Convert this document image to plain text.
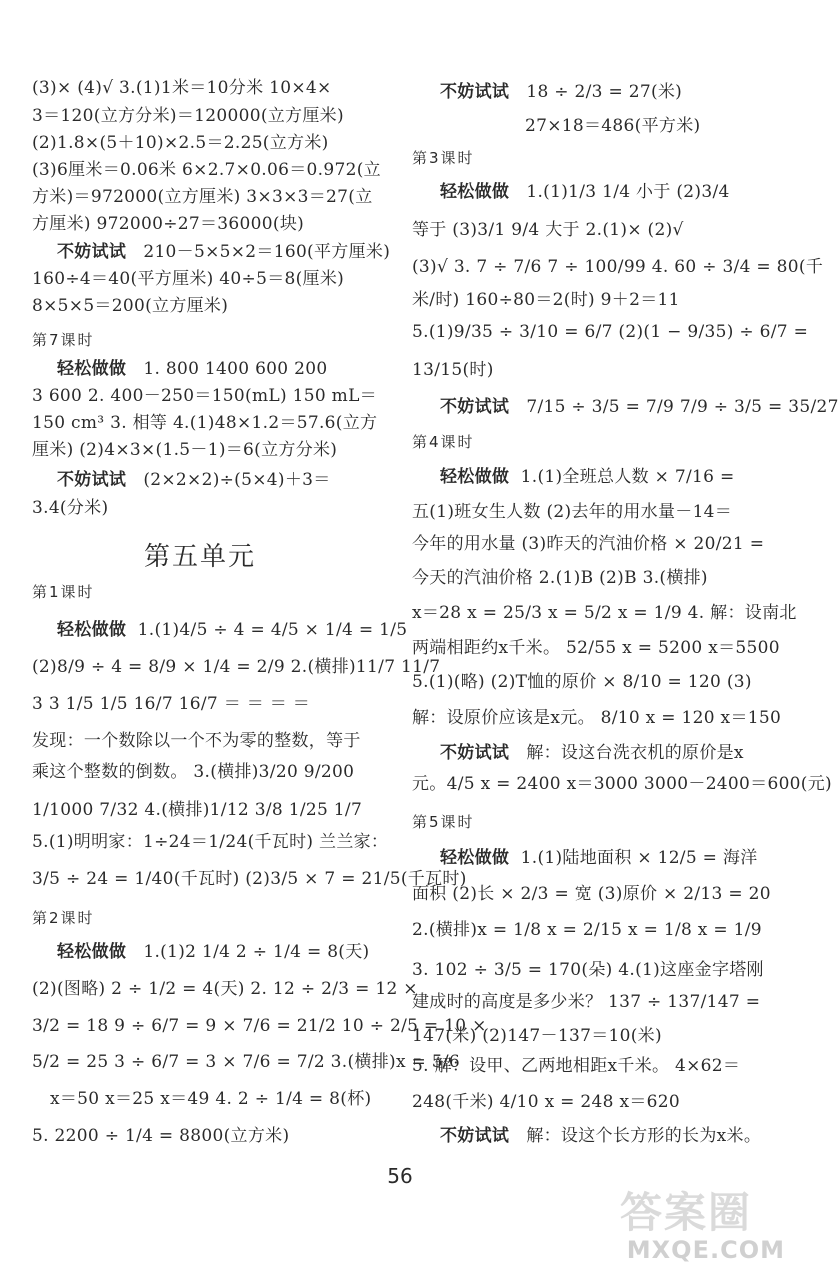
(3)× (4)√ 3.(1)1米＝10分米 10×4×
3＝120(立方分米)＝120000(立方厘米)
(2)1.8×(5＋10)×2.5＝2.25(立方米)
(3)6厘米＝0.06米 6×2.7×0.06＝0.972(立
方米)＝972000(立方厘米) 3×3×3＝27(立
方厘米) 972000÷27＝36000(块)
不妨试试 210－5×5×2＝160(平方厘米)
160÷4＝40(平方厘米) 40÷5＝8(厘米)
8×5×5＝200(立方厘米)
第7课时
轻松做做 1. 800 1400 600 200
3 600 2. 400－250＝150(mL) 150 mL＝
150 cm³ 3. 相等 4.(1)48×1.2＝57.6(立方
厘米) (2)4×3×(1.5－1)＝6(立方分米)
不妨试试 (2×2×2)÷(5×4)＋3＝
3.4(分米)
第五单元
第1课时
轻松做做 1.(1)4/5 ÷ 4 = 4/5 × 1/4 = 1/5
(2)8/9 ÷ 4 = 8/9 × 1/4 = 2/9 2.(横排)11/7 11/7
3 3 1/5 1/5 16/7 16/7 ＝ ＝ ＝ ＝
发现：一个数除以一个不为零的整数，等于
乘这个整数的倒数。 3.(横排)3/20 9/200
1/1000 7/32 4.(横排)1/12 3/8 1/25 1/7
5.(1)明明家：1÷24＝1/24(千瓦时) 兰兰家：
3/5 ÷ 24 = 1/40(千瓦时) (2)3/5 × 7 = 21/5(千瓦时)
第2课时
轻松做做 1.(1)2 1/4 2 ÷ 1/4 = 8(天)
(2)(图略) 2 ÷ 1/2 = 4(天) 2. 12 ÷ 2/3 = 12 ×
3/2 = 18 9 ÷ 6/7 = 9 × 7/6 = 21/2 10 ÷ 2/5 = 10 ×
5/2 = 25 3 ÷ 6/7 = 3 × 7/6 = 7/2 3.(横排)x = 5/6
x＝50 x＝25 x＝49 4. 2 ÷ 1/4 = 8(杯)
5. 2200 ÷ 1/4 = 8800(立方米)
不妨试试 18 ÷ 2/3 = 27(米)
27×18＝486(平方米)
第3课时
轻松做做 1.(1)1/3 1/4 小于 (2)3/4
等于 (3)3/1 9/4 大于 2.(1)× (2)√
(3)√ 3. 7 ÷ 7/6 7 ÷ 100/99 4. 60 ÷ 3/4 = 80(千
米/时) 160÷80＝2(时) 9＋2＝11
5.(1)9/35 ÷ 3/10 = 6/7 (2)(1 − 9/35) ÷ 6/7 =
13/15(时)
不妨试试 7/15 ÷ 3/5 = 7/9 7/9 ÷ 3/5 = 35/27
第4课时
轻松做做 1.(1)全班总人数 × 7/16 =
五(1)班女生人数 (2)去年的用水量－14＝
今年的用水量 (3)昨天的汽油价格 × 20/21 =
今天的汽油价格 2.(1)B (2)B 3.(横排)
x＝28 x = 25/3 x = 5/2 x = 1/9 4. 解：设南北
两端相距约x千米。 52/55 x = 5200 x＝5500
5.(1)(略) (2)T恤的原价 × 8/10 = 120 (3)
解：设原价应该是x元。 8/10 x = 120 x＝150
不妨试试 解：设这台洗衣机的原价是x
元。4/5 x = 2400 x＝3000 3000－2400＝600(元)
第5课时
轻松做做 1.(1)陆地面积 × 12/5 = 海洋
面积 (2)长 × 2/3 = 宽 (3)原价 × 2/13 = 20
2.(横排)x = 1/8 x = 2/15 x = 1/8 x = 1/9
3. 102 ÷ 3/5 = 170(朵) 4.(1)这座金字塔刚
建成时的高度是多少米？ 137 ÷ 137/147 =
147(米) (2)147－137＝10(米)
5. 解：设甲、乙两地相距x千米。 4×62＝
248(千米) 4/10 x = 248 x＝620
不妨试试 解：设这个长方形的长为x米。
56
答案圈
MXQE.COM
